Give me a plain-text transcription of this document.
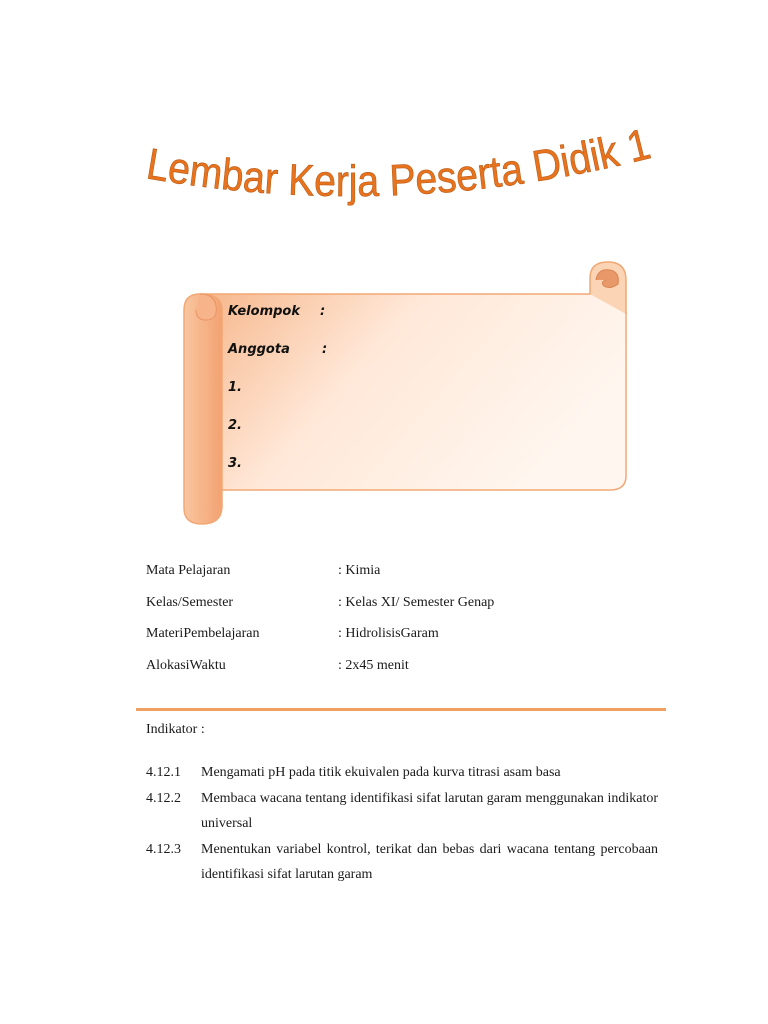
Lembar Kerja Peserta Didik 1
Kelompok :
Anggota :
1.
2.
3.
Mata Pelajaran	: Kimia
Kelas/Semester	: Kelas XI/ Semester Genap
MateriPembelajaran	: HidrolisisGaram
AlokasiWaktu	: 2x45 menit
Indikator :
4.12.1 Mengamati pH pada titik ekuivalen pada kurva titrasi asam basa
4.12.2 Membaca wacana tentang identifikasi sifat larutan garam menggunakan indikator universal
4.12.3 Menentukan variabel kontrol, terikat dan bebas dari wacana tentang percobaan identifikasi sifat larutan garam
